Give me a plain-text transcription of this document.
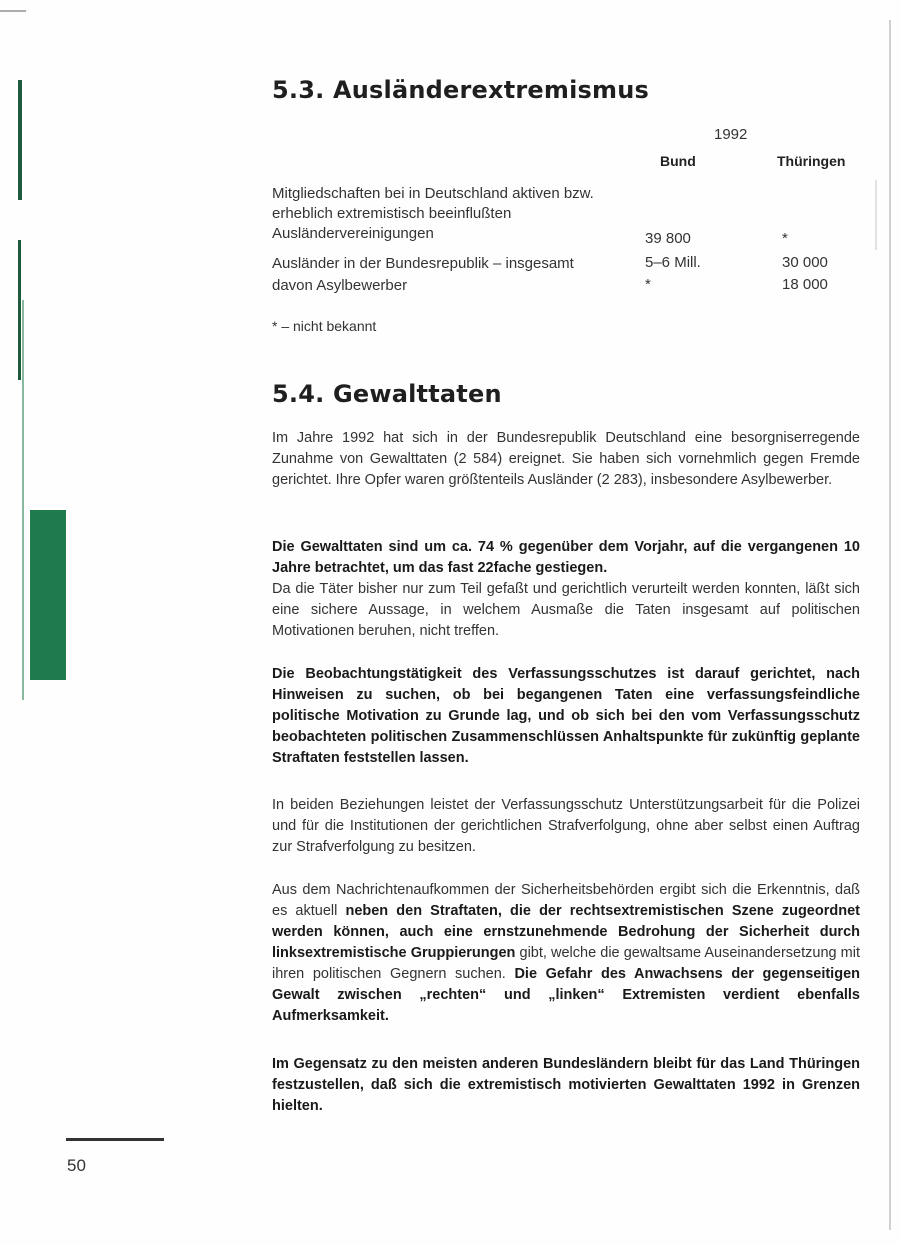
5.3. Ausländerextremismus
1992
Bund	Thüringen
Mitgliedschaften bei in Deutschland aktiven bzw. erheblich extremistisch beeinflußten Ausländervereinigungen	39 800	*
Ausländer in der Bundesrepublik – insgesamt	5–6 Mill.	30 000
davon Asylbewerber	*	18 000
* – nicht bekannt
5.4. Gewalttaten

Im Jahre 1992 hat sich in der Bundesrepublik Deutschland eine besorgniserregende Zunahme von Gewalttaten (2 584) ereignet. Sie haben sich vornehmlich gegen Fremde gerichtet. Ihre Opfer waren größtenteils Ausländer (2 283), insbesondere Asylbewerber.

Die Gewalttaten sind um ca. 74 % gegenüber dem Vorjahr, auf die vergangenen 10 Jahre betrachtet, um das fast 22fache gestiegen.
Da die Täter bisher nur zum Teil gefaßt und gerichtlich verurteilt werden konnten, läßt sich eine sichere Aussage, in welchem Ausmaße die Taten insgesamt auf politischen Motivationen beruhen, nicht treffen.

Die Beobachtungstätigkeit des Verfassungsschutzes ist darauf gerichtet, nach Hinweisen zu suchen, ob bei begangenen Taten eine verfassungsfeindliche politische Motivation zu Grunde lag, und ob sich bei den vom Verfassungsschutz beobachteten politischen Zusammenschlüssen Anhaltspunkte für zukünftig geplante Straftaten feststellen lassen.

In beiden Beziehungen leistet der Verfassungsschutz Unterstützungsarbeit für die Polizei und für die Institutionen der gerichtlichen Strafverfolgung, ohne aber selbst einen Auftrag zur Strafverfolgung zu besitzen.

Aus dem Nachrichtenaufkommen der Sicherheitsbehörden ergibt sich die Erkenntnis, daß es aktuell neben den Straftaten, die der rechtsextremistischen Szene zugeordnet werden können, auch eine ernstzunehmende Bedrohung der Sicherheit durch linksextremistische Gruppierungen gibt, welche die gewaltsame Auseinandersetzung mit ihren politischen Gegnern suchen. Die Gefahr des Anwachsens der gegenseitigen Gewalt zwischen „rechten“ und „linken“ Extremisten verdient ebenfalls Aufmerksamkeit.

Im Gegensatz zu den meisten anderen Bundesländern bleibt für das Land Thüringen festzustellen, daß sich die extremistisch motivierten Gewalttaten 1992 in Grenzen hielten.

50
